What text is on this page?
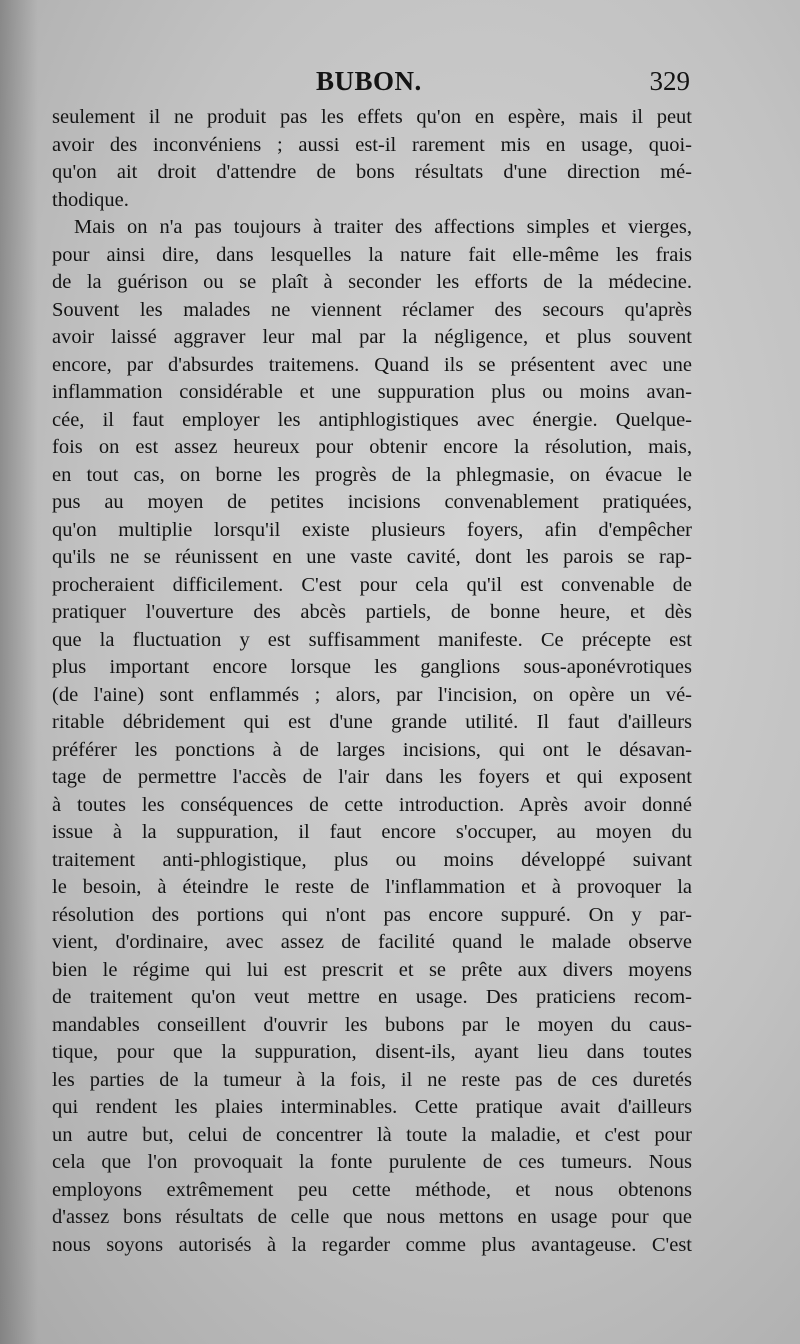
BUBON.	329
seulement il ne produit pas les effets qu'on en espère, mais il peut
avoir des inconvéniens ; aussi est-il rarement mis en usage, quoi-
qu'on ait droit d'attendre de bons résultats d'une direction mé-
thodique.
Mais on n'a pas toujours à traiter des affections simples et vierges,
pour ainsi dire, dans lesquelles la nature fait elle-même les frais
de la guérison ou se plaît à seconder les efforts de la médecine.
Souvent les malades ne viennent réclamer des secours qu'après
avoir laissé aggraver leur mal par la négligence, et plus souvent
encore, par d'absurdes traitemens. Quand ils se présentent avec une
inflammation considérable et une suppuration plus ou moins avan-
cée, il faut employer les antiphlogistiques avec énergie. Quelque-
fois on est assez heureux pour obtenir encore la résolution, mais,
en tout cas, on borne les progrès de la phlegmasie, on évacue le
pus au moyen de petites incisions convenablement pratiquées,
qu'on multiplie lorsqu'il existe plusieurs foyers, afin d'empêcher
qu'ils ne se réunissent en une vaste cavité, dont les parois se rap-
procheraient difficilement. C'est pour cela qu'il est convenable de
pratiquer l'ouverture des abcès partiels, de bonne heure, et dès
que la fluctuation y est suffisamment manifeste. Ce précepte est
plus important encore lorsque les ganglions sous-aponévrotiques
(de l'aine) sont enflammés ; alors, par l'incision, on opère un vé-
ritable débridement qui est d'une grande utilité. Il faut d'ailleurs
préférer les ponctions à de larges incisions, qui ont le désavan-
tage de permettre l'accès de l'air dans les foyers et qui exposent
à toutes les conséquences de cette introduction. Après avoir donné
issue à la suppuration, il faut encore s'occuper, au moyen du
traitement anti-phlogistique, plus ou moins développé suivant
le besoin, à éteindre le reste de l'inflammation et à provoquer la
résolution des portions qui n'ont pas encore suppuré. On y par-
vient, d'ordinaire, avec assez de facilité quand le malade observe
bien le régime qui lui est prescrit et se prête aux divers moyens
de traitement qu'on veut mettre en usage. Des praticiens recom-
mandables conseillent d'ouvrir les bubons par le moyen du caus-
tique, pour que la suppuration, disent-ils, ayant lieu dans toutes
les parties de la tumeur à la fois, il ne reste pas de ces duretés
qui rendent les plaies interminables. Cette pratique avait d'ailleurs
un autre but, celui de concentrer là toute la maladie, et c'est pour
cela que l'on provoquait la fonte purulente de ces tumeurs. Nous
employons extrêmement peu cette méthode, et nous obtenons
d'assez bons résultats de celle que nous mettons en usage pour que
nous soyons autorisés à la regarder comme plus avantageuse. C'est
